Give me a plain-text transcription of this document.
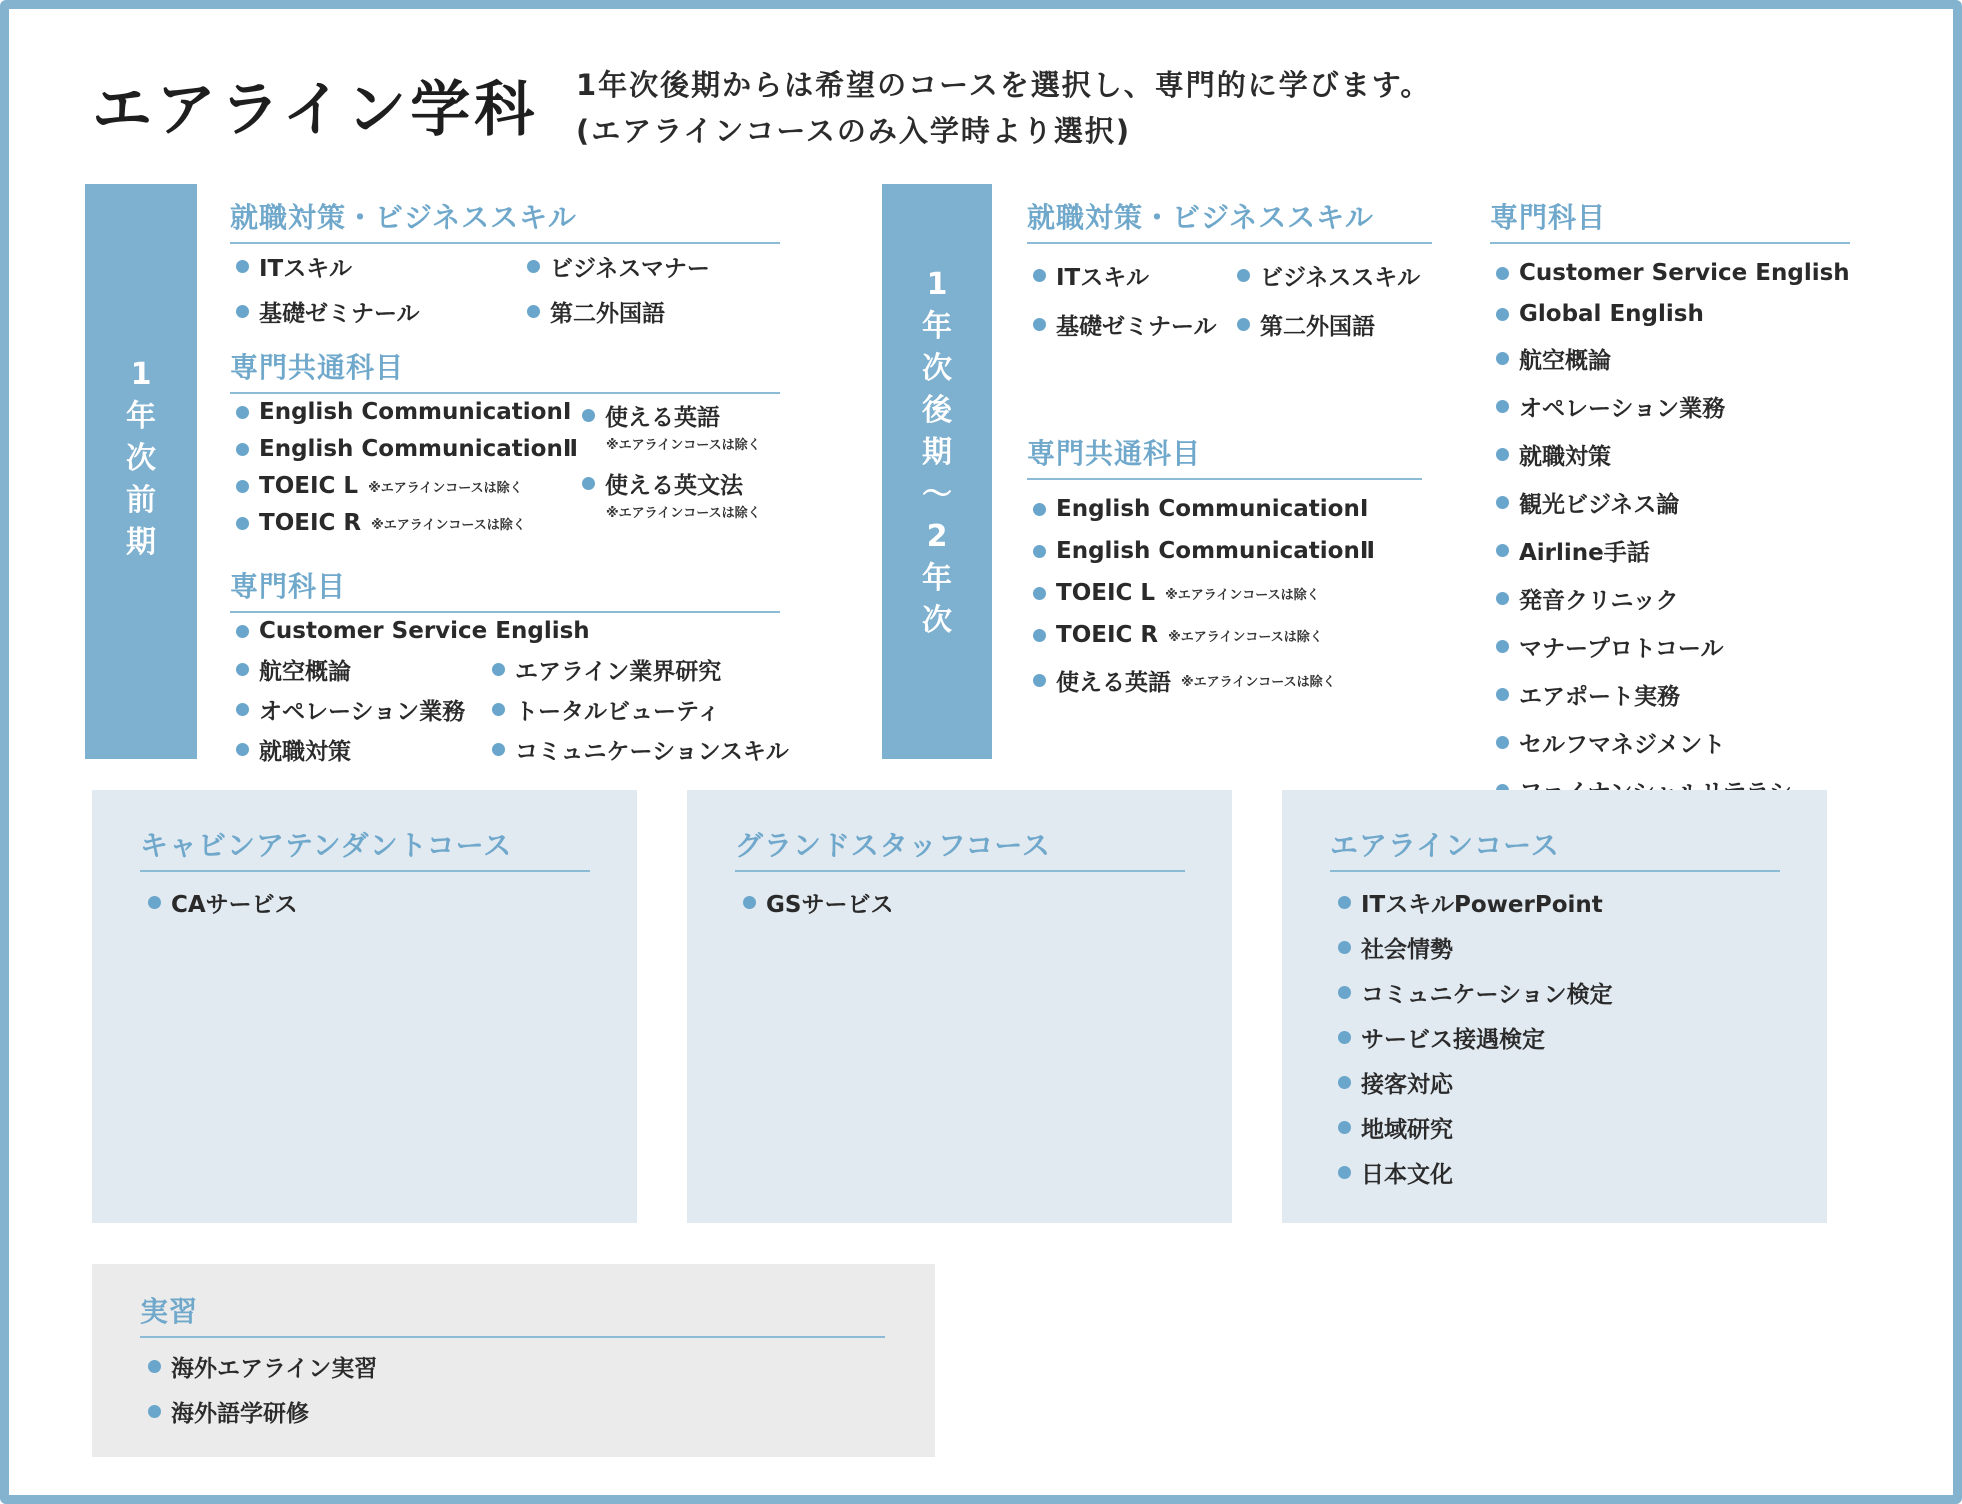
エアライン学科 1年次後期からは希望のコースを選択し、専門的に学びます。
(エアラインコースのみ入学時より選択)
1
年
次
前
期
就職対策・ビジネススキル
ITスキル
基礎ゼミナール
ビジネスマナー
第二外国語
専門共通科目
English CommunicationⅠ
English CommunicationⅡ
TOEIC L ※エアラインコースは除く
TOEIC R ※エアラインコースは除く
使える英語
※エアラインコースは除く
使える英文法
※エアラインコースは除く
専門科目
Customer Service English
航空概論
オペレーション業務
就職対策
エアライン業界研究
トータルビューティ
コミュニケーションスキル
1
年
次
後
期
〜
2
年
次
就職対策・ビジネススキル
ITスキル
基礎ゼミナール
ビジネススキル
第二外国語
専門共通科目
English CommunicationⅠ
English CommunicationⅡ
TOEIC L ※エアラインコースは除く
TOEIC R ※エアラインコースは除く
使える英語 ※エアラインコースは除く
専門科目
Customer Service English
Global English
航空概論
オペレーション業務
就職対策
観光ビジネス論
Airline手話
発音クリニック
マナープロトコール
エアポート実務
セルフマネジメント
キャビンアテンダントコース
CAサービス
グランドスタッフコース
GSサービス
エアラインコース
ITスキルPowerPoint
社会情勢
コミュニケーション検定
サービス接遇検定
接客対応
地域研究
日本文化
実習
海外エアライン実習
海外語学研修
